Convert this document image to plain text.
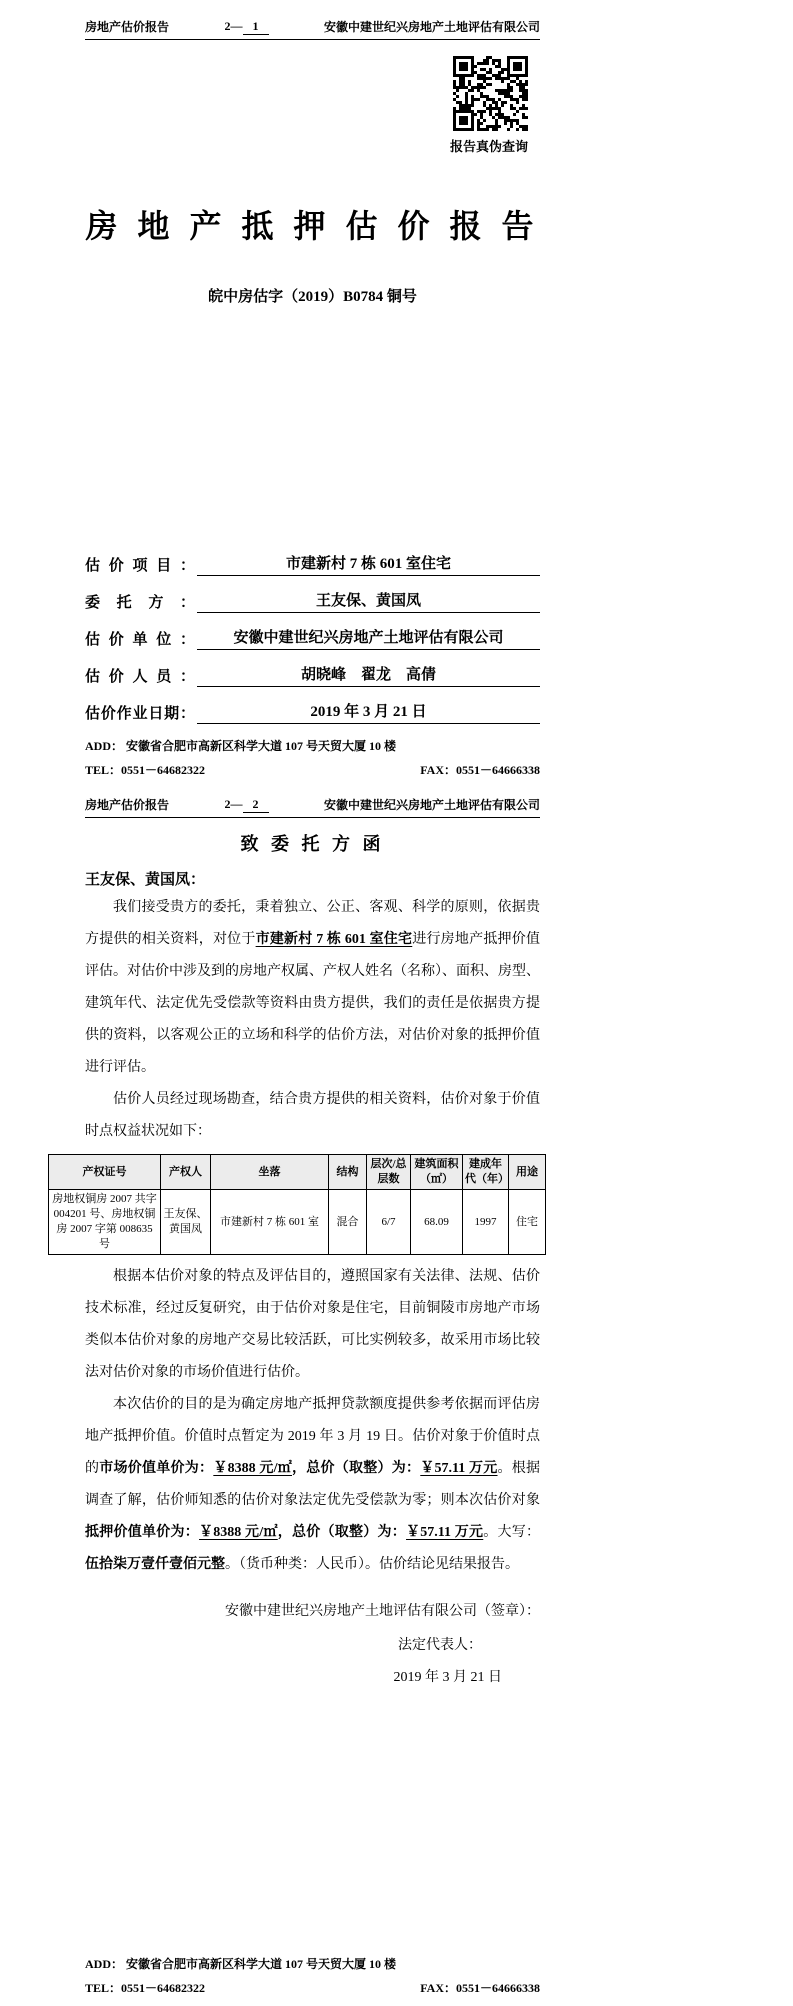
房地产估价报告	2— 1	安徽中建世纪兴房地产土地评估有限公司
报告真伪查询
房 地 产 抵 押 估 价 报 告
皖中房估字（2019）B0784 铜号
估价项目：	市建新村 7 栋 601 室住宅
委托方：	王友保、黄国凤
估价单位：	安徽中建世纪兴房地产土地评估有限公司
估价人员：	胡晓峰　翟龙　高倩
估价作业日期：	2019 年 3 月 21 日
ADD： 安徽省合肥市高新区科学大道 107 号天贸大厦 10 楼
TEL：0551－64682322	FAX：0551－64666338
房地产估价报告	2— 2	安徽中建世纪兴房地产土地评估有限公司
致 委 托 方 函
王友保、黄国凤：

我们接受贵方的委托，秉着独立、公正、客观、科学的原则，依据贵方提供的相关资料，对位于市建新村 7 栋 601 室住宅进行房地产抵押价值评估。对估价中涉及到的房地产权属、产权人姓名（名称）、面积、房型、建筑年代、法定优先受偿款等资料由贵方提供，我们的责任是依据贵方提供的资料，以客观公正的立场和科学的估价方法，对估价对象的抵押价值进行评估。

估价人员经过现场勘查，结合贵方提供的相关资料，估价对象于价值时点权益状况如下：

产权证号	产权人	坐落	结构	层次/总层数	建筑面积（㎡）	建成年代（年）	用途
房地权铜房 2007 共字 004201 号、房地权铜房 2007 字第 008635 号	王友保、黄国凤	市建新村 7 栋 601 室	混合	6/7	68.09	1997	住宅

根据本估价对象的特点及评估目的，遵照国家有关法律、法规、估价技术标准，经过反复研究，由于估价对象是住宅，目前铜陵市房地产市场类似本估价对象的房地产交易比较活跃，可比实例较多，故采用市场比较法对估价对象的市场价值进行估价。

本次估价的目的是为确定房地产抵押贷款额度提供参考依据而评估房地产抵押价值。价值时点暂定为 2019 年 3 月 19 日。估价对象于价值时点的市场价值单价为：￥8388 元/㎡，总价（取整）为：￥57.11 万元。根据调查了解，估价师知悉的估价对象法定优先受偿款为零；则本次估价对象抵押价值单价为：￥8388 元/㎡，总价（取整）为：￥57.11 万元。大写：伍拾柒万壹仟壹佰元整。（货币种类：人民币）。估价结论见结果报告。

安徽中建世纪兴房地产土地评估有限公司（签章）：
法定代表人：
2019 年 3 月 21 日
ADD： 安徽省合肥市高新区科学大道 107 号天贸大厦 10 楼
TEL：0551－64682322	FAX：0551－64666338
